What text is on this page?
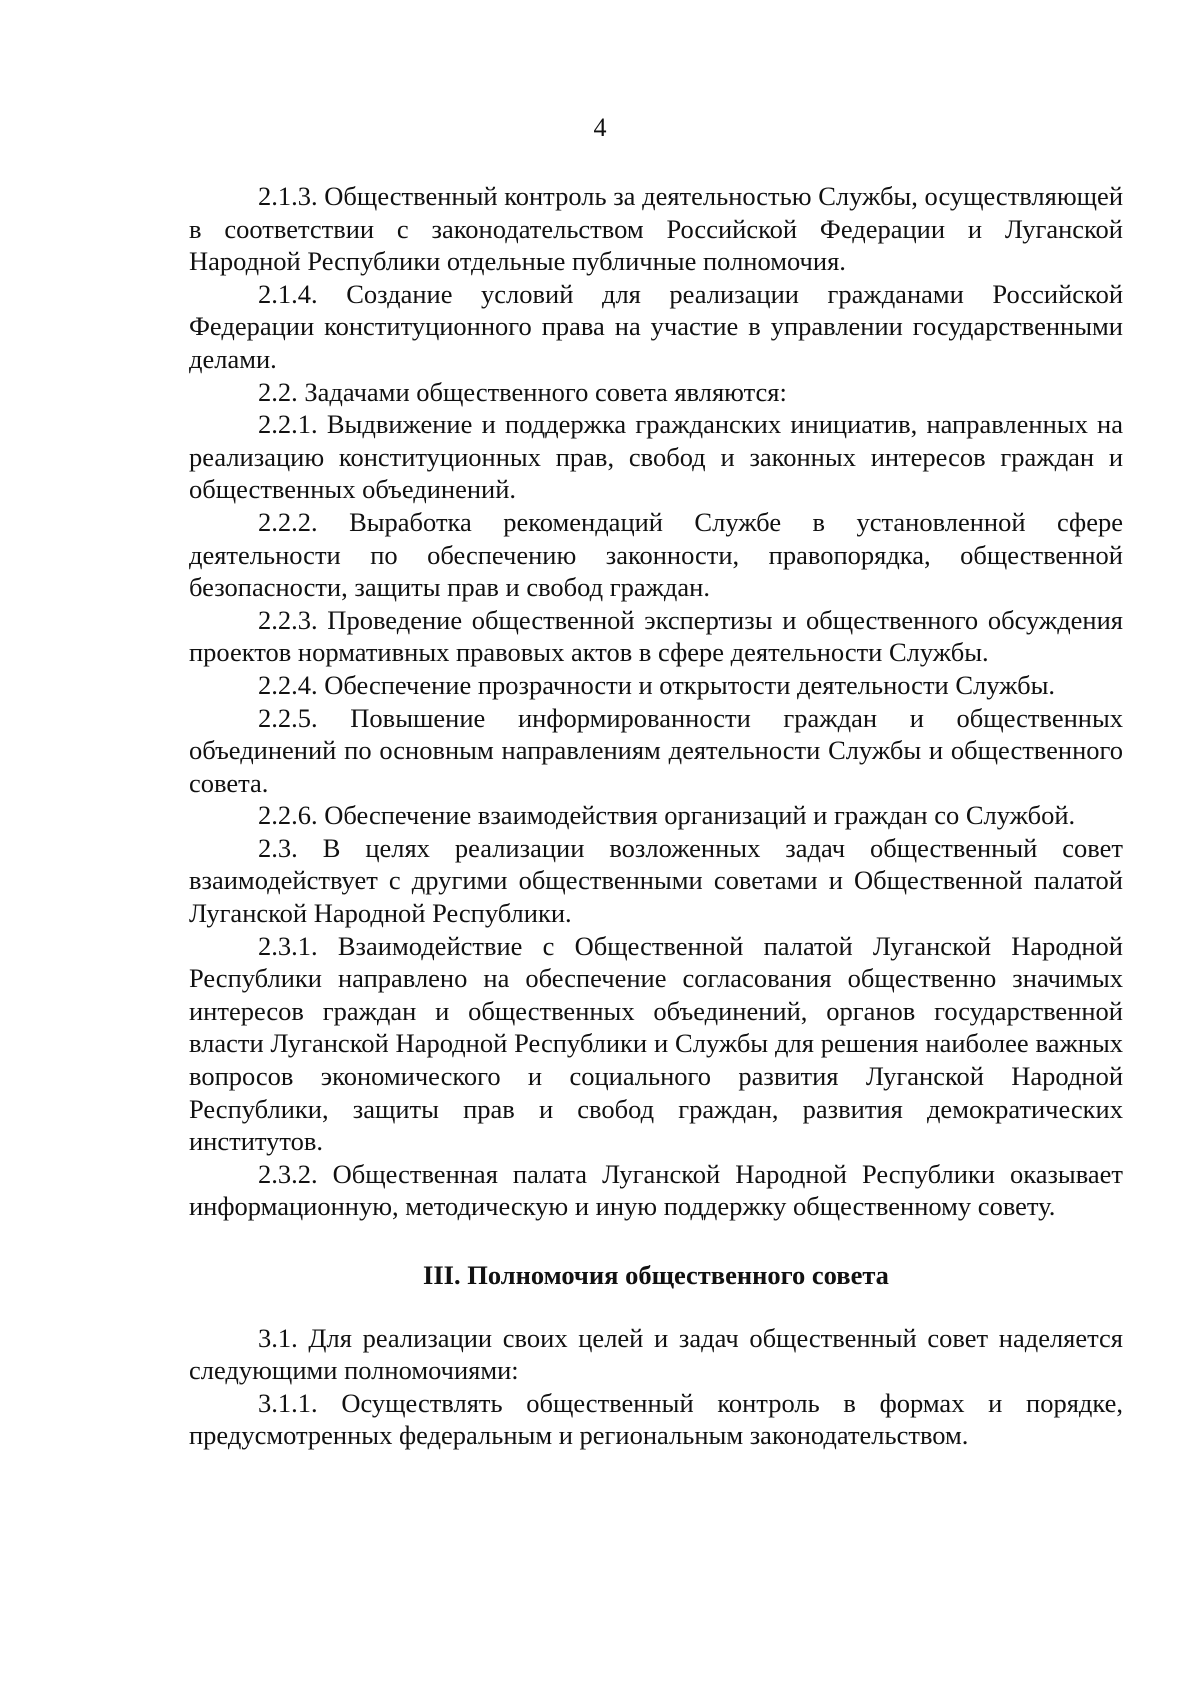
4

2.1.3. Общественный контроль за деятельностью Службы, осуществляющей в соответствии с законодательством Российской Федерации и Луганской Народной Республики отдельные публичные полномочия.

2.1.4. Создание условий для реализации гражданами Российской Федерации конституционного права на участие в управлении государственными делами.

2.2. Задачами общественного совета являются:

2.2.1. Выдвижение и поддержка гражданских инициатив, направленных на реализацию конституционных прав, свобод и законных интересов граждан и общественных объединений.

2.2.2. Выработка рекомендаций Службе в установленной сфере деятельности по обеспечению законности, правопорядка, общественной безопасности, защиты прав и свобод граждан.

2.2.3. Проведение общественной экспертизы и общественного обсуждения проектов нормативных правовых актов в сфере деятельности Службы.

2.2.4. Обеспечение прозрачности и открытости деятельности Службы.

2.2.5. Повышение информированности граждан и общественных объединений по основным направлениям деятельности Службы и общественного совета.

2.2.6. Обеспечение взаимодействия организаций и граждан со Службой.

2.3. В целях реализации возложенных задач общественный совет взаимодействует с другими общественными советами и Общественной палатой Луганской Народной Республики.

2.3.1. Взаимодействие с Общественной палатой Луганской Народной Республики направлено на обеспечение согласования общественно значимых интересов граждан и общественных объединений, органов государственной власти Луганской Народной Республики и Службы для решения наиболее важных вопросов экономического и социального развития Луганской Народной Республики, защиты прав и свобод граждан, развития демократических институтов.

2.3.2. Общественная палата Луганской Народной Республики оказывает информационную, методическую и иную поддержку общественному совету.

III. Полномочия общественного совета

3.1. Для реализации своих целей и задач общественный совет наделяется следующими полномочиями:

3.1.1. Осуществлять общественный контроль в формах и порядке, предусмотренных федеральным и региональным законодательством.
